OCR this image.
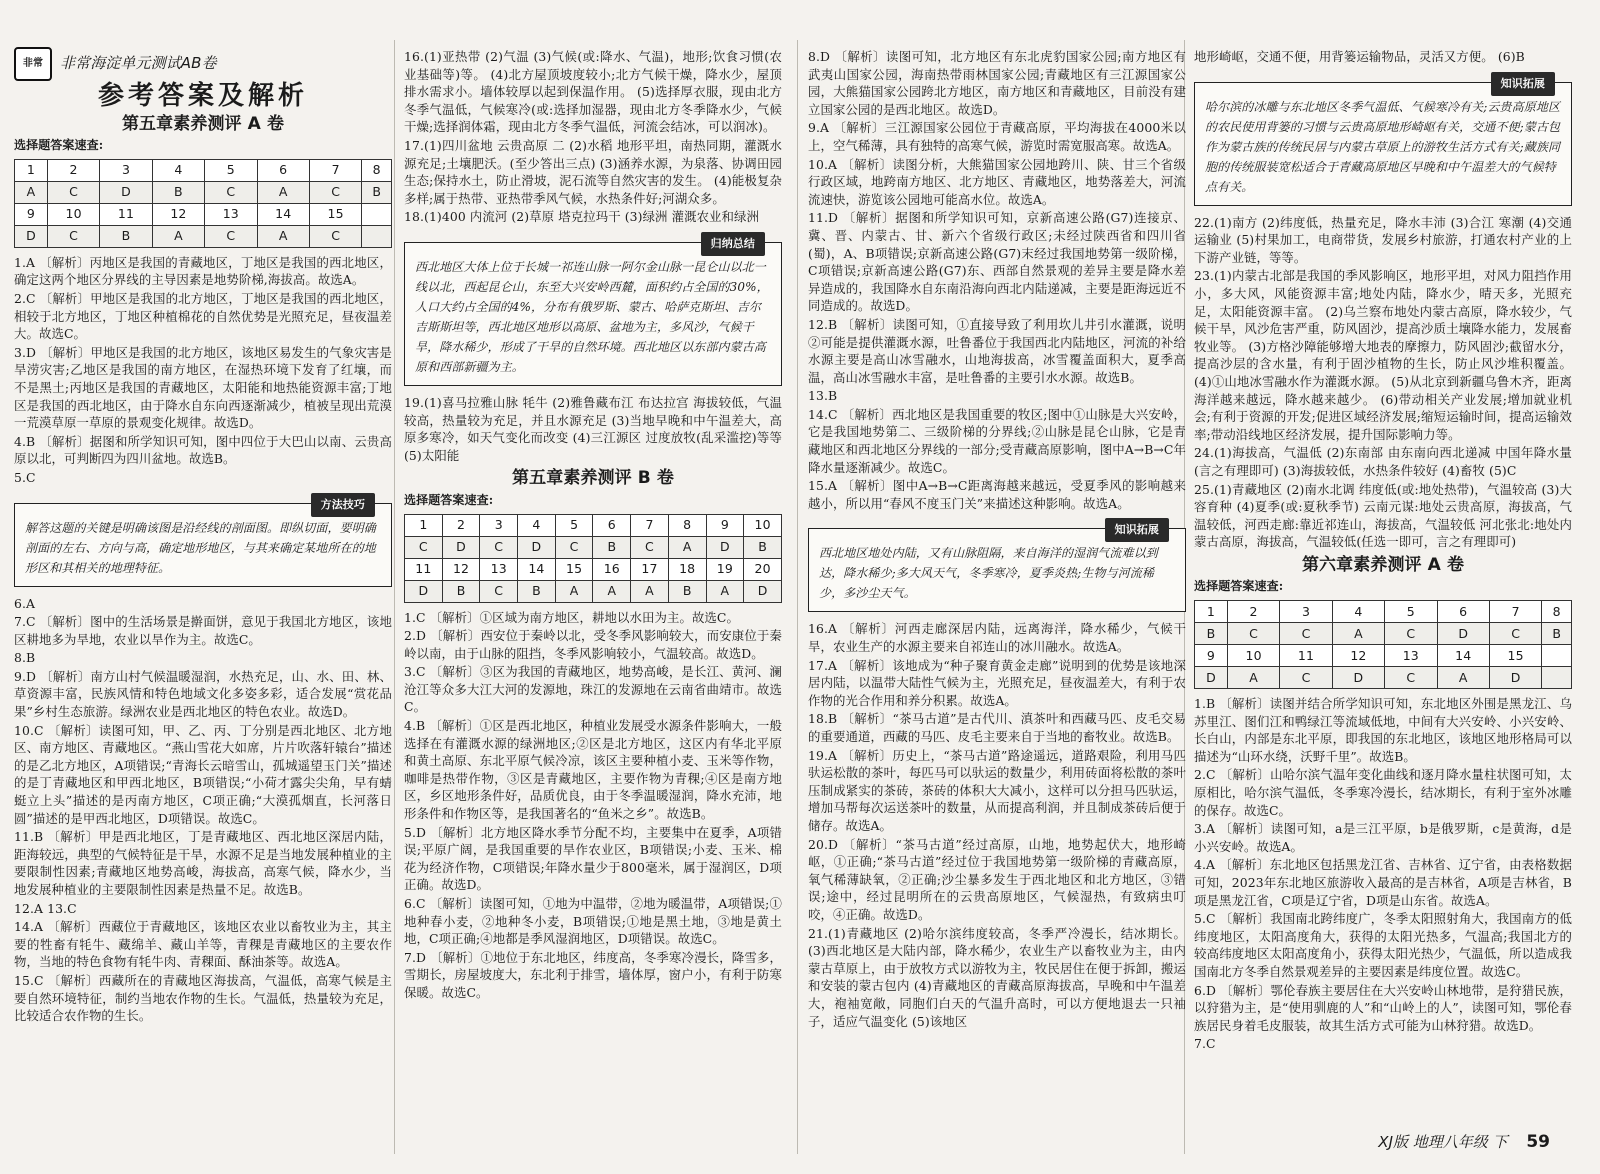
非常	非常海淀单元测试AB卷
参考答案及解析
第五章素养测评 A 卷
选择题答案速查:
1	2	3	4	5	6	7	8
A	C	D	B	C	A	C	B
9	10	11	12	13	14	15	
D	C	B	A	C	A	C	

1.A 〔解析〕丙地区是我国的青藏地区，丁地区是我国的西北地区，确定这两个地区分界线的主导因素是地势阶梯,海拔高。故选A。

2.C 〔解析〕甲地区是我国的北方地区，丁地区是我国的西北地区，相较于北方地区，丁地区种植棉花的自然优势是光照充足，昼夜温差大。故选C。

3.D 〔解析〕甲地区是我国的北方地区，该地区易发生的气象灾害是旱涝灾害;乙地区是我国的南方地区，在湿热环境下发育了红壤，而不是黑土;丙地区是我国的青藏地区，太阳能和地热能资源丰富;丁地区是我国的西北地区，由于降水自东向西逐渐减少，植被呈现出荒漠一荒漠草原一草原的景观变化规律。故选D。

4.B 〔解析〕据图和所学知识可知，图中四位于大巴山以南、云贵高原以北，可判断四为四川盆地。故选B。

5.C

方法技巧
解答这题的关键是明确该图是沿经线的剖面图。即纵切面，要明确剖面的左右、方向与高，确定地形地区，与其来确定某地所在的地形区和其相关的地理特征。

6.A

7.C 〔解析〕图中的生活场景是擀面饼，意见于我国北方地区，该地区耕地多为旱地，农业以旱作为主。故选C。

8.B

9.D 〔解析〕南方山村气候温暖湿润，水热充足，山、水、田、林、草资源丰富，民族风情和特色地域文化多姿多彩，适合发展“赏花品果”乡村生态旅游。绿洲农业是西北地区的特色农业。故选D。

10.C 〔解析〕读图可知，甲、乙、丙、丁分别是西北地区、北方地区、南方地区、青藏地区。“燕山雪花大如席，片片吹落轩辕台”描述的是乙北方地区，A项错误;“青海长云暗雪山，孤城遥望玉门关”描述的是丁青藏地区和甲西北地区，B项错误;“小荷才露尖尖角，早有蜻蜓立上头”描述的是丙南方地区，C项正确;“大漠孤烟直，长河落日圆”描述的是甲西北地区，D项错误。故选C。

11.B 〔解析〕甲是西北地区，丁是青藏地区、西北地区深居内陆，距海较远，典型的气候特征是干旱，水源不足是当地发展种植业的主要限制性因素;青藏地区地势高峻，海拔高，高寒气候，降水少，当地发展种植业的主要限制性因素是热量不足。故选B。

12.A 13.C

14.A 〔解析〕西藏位于青藏地区，该地区农业以畜牧业为主，其主要的牲畜有牦牛、藏绵羊、藏山羊等，青稞是青藏地区的主要农作物，当地的特色食物有牦牛肉、青稞面、酥油茶等。故选A。

15.C 〔解析〕西藏所在的青藏地区海拔高，气温低，高寒气候是主要自然环境特征，制约当地农作物的生长。气温低，热量较为充足，比较适合农作物的生长。

16.(1)亚热带 (2)气温 (3)气候(或:降水、气温)，地形;饮食习惯(农业基础等)等。 (4)北方屋顶坡度较小;北方气候干燥，降水少，屋顶排水需求小。墙体较厚以起到保温作用。 (5)选择厚衣服，现由北方冬季气温低，气候寒冷(或:选择加湿器，现由北方冬季降水少，气候干燥;选择润体霜，现由北方冬季气温低，河流会结冰，可以润冰)。

17.(1)四川盆地 云贵高原 二 (2)水稻 地形平坦，南热同期，灌溉水源充足;土壤肥沃。(至少答出三点) (3)涵养水源，为泉落、协调田园生态;保持水土，防止滑坡，泥石流等自然灾害的发生。 (4)能极复杂多样;属于热带、亚热带季风气候，水热条件好;河湖众多。

18.(1)400 内流河 (2)草原 塔克拉玛干 (3)绿洲 灌溉农业和绿洲

归纳总结
西北地区大体上位于长城一祁连山脉一阿尔金山脉一昆仑山以北一线以北，西起昆仑山，东至大兴安岭西麓，面积约占全国的30%，人口大约占全国的4%，分布有俄罗斯、蒙古、哈萨克斯坦、吉尔吉斯斯坦等，西北地区地形以高原、盆地为主，多风沙，气候干旱，降水稀少，形成了干旱的自然环境。西北地区以东部内蒙古高原和西部新疆为主。

19.(1)喜马拉雅山脉 牦牛 (2)雅鲁藏布江 布达拉宫 海拔较低，气温较高，热量较为充足，并且水源充足 (3)当地早晚和中午温差大，高原多寒冷，如天气变化而改变 (4)三江源区 过度放牧(乱采滥挖)等等 (5)太阳能

第五章素养测评 B 卷
选择题答案速查:
1	2	3	4	5	6	7	8	9	10
C	D	C	D	C	B	C	A	D	B
11	12	13	14	15	16	17	18	19	20
D	B	C	B	A	A	A	B	A	D

1.C 〔解析〕①区域为南方地区，耕地以水田为主。故选C。

2.D 〔解析〕西安位于秦岭以北，受冬季风影响较大，而安康位于秦岭以南，由于山脉的阻挡，冬季风影响较小，气温较高。故选D。

3.C 〔解析〕③区为我国的青藏地区，地势高峻，是长江、黄河、澜沧江等众多大江大河的发源地，珠江的发源地在云南省曲靖市。故选C。

4.B 〔解析〕①区是西北地区，种植业发展受水源条件影响大，一般选择在有灌溉水源的绿洲地区;②区是北方地区，这区内有华北平原和黄土高原、东北平原气候冷凉，该区主要种植小麦、玉米等作物，咖啡是热带作物，③区是青藏地区，主要作物为青稞;④区是南方地区，乡区地形条件好，品质优良，由于冬季温暖湿润，降水充沛，地形条件和作物区等，是我国著名的“鱼米之乡”。故选B。

5.D 〔解析〕北方地区降水季节分配不均，主要集中在夏季，A项错误;平原广阔，是我国重要的旱作农业区，B项错误;小麦、玉米、棉花为经济作物，C项错误;年降水量少于800毫米，属于湿润区，D项正确。故选D。

6.C 〔解析〕读图可知，①地为中温带，②地为暖温带，A项错误;①地种春小麦，②地种冬小麦，B项错误;①地是黑土地，③地是黄土地，C项正确;④地都是季风湿润地区，D项错误。故选C。

7.D 〔解析〕①地位于东北地区，纬度高，冬季寒冷漫长，降雪多，雪期长，房屋坡度大，东北利于排雪，墙体厚，窗户小，有利于防寒保暖。故选C。

8.D 〔解析〕读图可知，北方地区有东北虎豹国家公园;南方地区有武夷山国家公园，海南热带雨林国家公园;青藏地区有三江源国家公园，大熊猫国家公园跨北方地区，南方地区和青藏地区，目前没有建立国家公园的是西北地区。故选D。

9.A 〔解析〕三江源国家公园位于青藏高原，平均海拔在4000米以上，空气稀薄，具有独特的高寒气候，游览时需宽服高寒。故选A。

10.A 〔解析〕读图分析，大熊猫国家公园地跨川、陕、甘三个省级行政区域，地跨南方地区、北方地区、青藏地区，地势落差大，河流流速快，游览该公园地可能高水位。故选A。

11.D 〔解析〕据图和所学知识可知，京新高速公路(G7)连接京、冀、晋、内蒙古、甘、新六个省级行政区;未经过陕西省和四川省(蜀)，A、B项错误;京新高速公路(G7)末经过我国地势第一级阶梯，C项错误;京新高速公路(G7)东、西部自然景观的差异主要是降水差异造成的，我国降水自东南沿海向西北内陆递减，主要是距海远近不同造成的。故选D。

12.B 〔解析〕读图可知，①直接导致了利用坎儿井引水灌溉，说明②可能是提供灌溉水源，吐鲁番位于我国西北内陆地区，河流的补给水源主要是高山冰雪融水，山地海拔高，冰雪覆盖面积大，夏季高温，高山冰雪融水丰富，是吐鲁番的主要引水水源。故选B。

13.B

14.C 〔解析〕西北地区是我国重要的牧区;图中①山脉是大兴安岭，它是我国地势第二、三级阶梯的分界线;②山脉是昆仑山脉，它是青藏地区和西北地区分界线的一部分;受青藏高原影响，图中A→B→C年降水量逐渐减少。故选C。

15.A 〔解析〕图中A→B→C距离海越来越远，受夏季风的影响越来越小，所以用“春风不度玉门关”来描述这种影响。故选A。

知识拓展
西北地区地处内陆，又有山脉阻隔，来自海洋的湿润气流难以到达，降水稀少;多大风天气，冬季寒冷，夏季炎热;生物与河流稀少，多沙尘天气。

16.A 〔解析〕河西走廊深居内陆，远离海洋，降水稀少，气候干旱，农业生产的水源主要来自祁连山的冰川融水。故选A。

17.A 〔解析〕该地成为“种子聚育黄金走廊”说明到的优势是该地深居内陆，以温带大陆性气候为主，光照充足，昼夜温差大，有利于农作物的光合作用和养分积累。故选A。

18.B 〔解析〕“茶马古道”是古代川、滇茶叶和西藏马匹、皮毛交易的重要通道，西藏的马匹、皮毛主要来自于当地的畜牧业。故选B。

19.A 〔解析〕历史上，“茶马古道”路途遥远，道路艰险，利用马匹驮运松散的茶叶，每匹马可以驮运的数量少，利用砖面将松散的茶叶压制成紧实的茶砖，茶砖的体积大大减小，这样可以分担马匹驮运，增加马帮每次运送茶叶的数量，从而提高利润，并且制成茶砖后便于储存。故选A。

20.D 〔解析〕“茶马古道”经过高原，山地，地势起伏大，地形崎岖，①正确;“茶马古道”经过位于我国地势第一级阶梯的青藏高原，氧气稀薄缺氧，②正确;沙尘暴多发生于西北地区和北方地区，③错误;途中，经过昆明所在的云贵高原地区，气候湿热，有致病虫叮咬，④正确。故选D。

21.(1)青藏地区 (2)哈尔滨纬度较高，冬季严冷漫长，结冰期长。 (3)西北地区是大陆内部，降水稀少，农业生产以畜牧业为主，由内蒙古草原上，由于放牧方式以游牧为主，牧民居住在便于拆卸，搬运和安装的蒙古包内 (4)青藏地区的青藏高原海拔高，早晚和中午温差大，袍袖宽敞，同胞们白天的气温升高时，可以方便地退去一只袖子，适应气温变化 (5)该地区

地形崎岖，交通不便，用背篓运输物品，灵活又方便。 (6)B

知识拓展
哈尔滨的冰雕与东北地区冬季气温低、气候寒冷有关;云贵高原地区的农民使用背篓的习惯与云贵高原地形崎岖有关，交通不便;蒙古包作为蒙古族的传统民居与内蒙古草原上的游牧生活方式有关;藏族同胞的传统服装宽松适合于青藏高原地区早晚和中午温差大的气候特点有关。

22.(1)南方 (2)纬度低，热量充足，降水丰沛 (3)合江 寒潮 (4)交通运输业 (5)村果加工，电商带货，发展乡村旅游，打通农村产业的上下游产业链，等等。

23.(1)内蒙古北部是我国的季风影响区，地形平坦，对风力阻挡作用小，多大风，风能资源丰富;地处内陆，降水少，晴天多，光照充足，太阳能资源丰富。 (2)乌兰察布地处内蒙古高原，降水较少，气候干旱，风沙危害严重，防风固沙，提高沙质土壤降水能力，发展畜牧业等。 (3)方格沙障能够增大地表的摩擦力，防风固沙;截留水分，提高沙层的含水量，有利于固沙植物的生长，防止风沙堆积覆盖。 (4)①山地冰雪融水作为灌溉水源。 (5)从北京到新疆乌鲁木齐，距离海洋越来越远，降水越来越少。 (6)带动相关产业发展;增加就业机会;有利于资源的开发;促进区域经济发展;缩短运输时间，提高运输效率;带动沿线地区经济发展，提升国际影响力等。

24.(1)海拔高，气温低 (2)东南部 由东南向西北递减 中国年降水量(言之有理即可) (3)海拔较低，水热条件较好 (4)畜牧 (5)C

25.(1)青藏地区 (2)南水北调 纬度低(或:地处热带)，气温较高 (3)大容育种 (4)夏季(或:夏秋季节) 云南元谋:地处云贵高原，海拔高，气温较低，河西走廊:靠近祁连山，海拔高，气温较低 河北张北:地处内蒙古高原，海拔高，气温较低(任选一即可，言之有理即可)

第六章素养测评 A 卷
选择题答案速查:
1	2	3	4	5	6	7	8
B	C	C	A	C	D	C	B
9	10	11	12	13	14	15	
D	A	C	D	C	A	D	

1.B 〔解析〕读图并结合所学知识可知，东北地区外围是黑龙江、乌苏里江、图们江和鸭绿江等流域低地，中间有大兴安岭、小兴安岭、长白山，内部是东北平原，即我国的东北地区，该地区地形格局可以描述为“山环水绕，沃野千里”。故选B。

2.C 〔解析〕山哈尔滨气温年变化曲线和逐月降水量柱状图可知，太原相比，哈尔滨气温低，冬季寒冷漫长，结冰期长，有利于室外冰雕的保存。故选C。

3.A 〔解析〕读图可知，a是三江平原，b是俄罗斯，c是黄海，d是小兴安岭。故选A。

4.A 〔解析〕东北地区包括黑龙江省、吉林省、辽宁省，由表格数据可知，2023年东北地区旅游收入最高的是吉林省，A项是吉林省，B项是黑龙江省，C项是辽宁省，D项是山东省。故选A。

5.C 〔解析〕我国南北跨纬度广，冬季太阳照射角大，我国南方的低纬度地区，太阳高度角大，获得的太阳光热多，气温高;我国北方的较高纬度地区太阳高度角小，获得太阳光热少，气温低，所以造成我国南北方冬季自然景观差异的主要因素是纬度位置。故选C。

6.D 〔解析〕鄂伦春族主要居住在大兴安岭山林地带，是狩猎民族，以狩猎为主，是“使用驯鹿的人”和“山岭上的人”，读图可知，鄂伦春族居民身着毛皮服装，故其生活方式可能为山林狩猎。故选D。

7.C

XJ版 地理八年级 下 59
